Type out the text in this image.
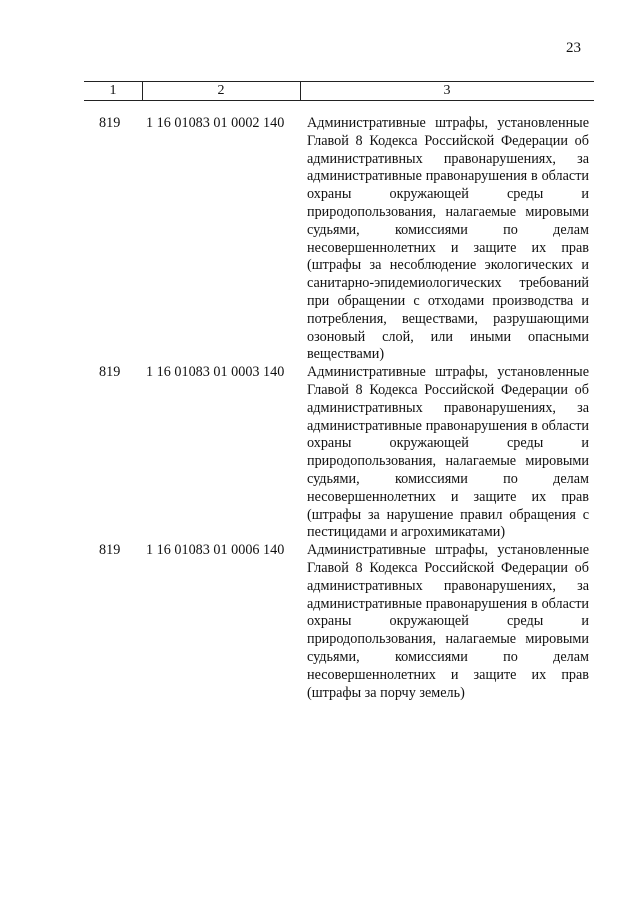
23
1	2	3
819 1 16 01083 01 0002 140 Административные штрафы, установленные Главой 8 Кодекса Российской Федерации об административных правонарушениях, за административные правонарушения в области охраны окружающей среды и природопользования, налагаемые мировыми судьями, комиссиями по делам несовершеннолетних и защите их прав (штрафы за несоблюдение экологических и санитарно-эпидемиологических требований при обращении с отходами производства и потребления, веществами, разрушающими озоновый слой, или иными опасными веществами)
819 1 16 01083 01 0003 140 Административные штрафы, установленные Главой 8 Кодекса Российской Федерации об административных правонарушениях, за административные правонарушения в области охраны окружающей среды и природопользования, налагаемые мировыми судьями, комиссиями по делам несовершеннолетних и защите их прав (штрафы за нарушение правил обращения с пестицидами и агрохимикатами)
819 1 16 01083 01 0006 140 Административные штрафы, установленные Главой 8 Кодекса Российской Федерации об административных правонарушениях, за административные правонарушения в области охраны окружающей среды и природопользования, налагаемые мировыми судьями, комиссиями по делам несовершеннолетних и защите их прав (штрафы за порчу земель)
